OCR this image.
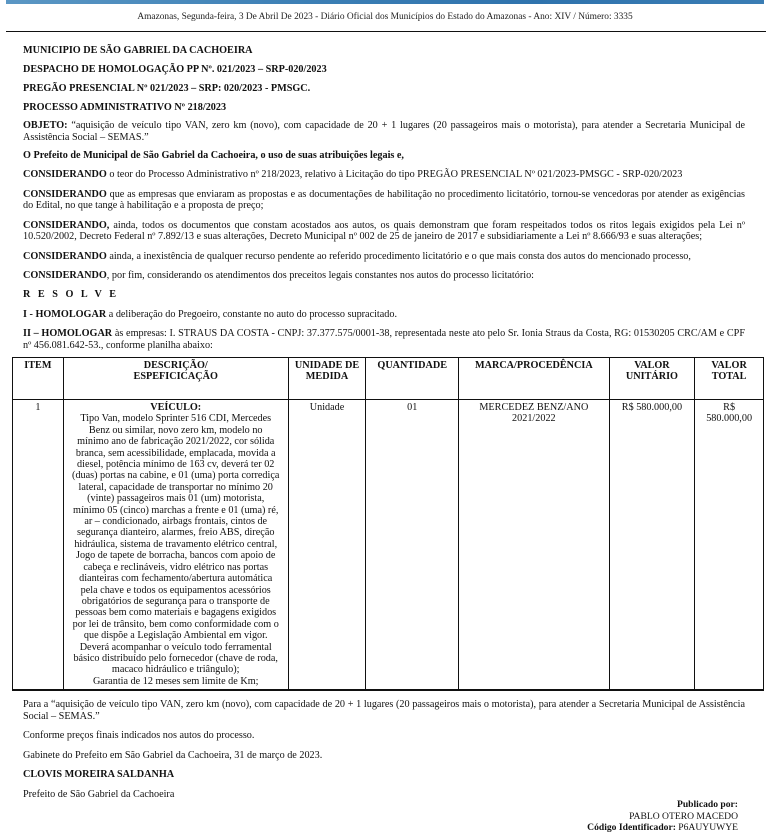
Amazonas, Segunda-feira, 3 De Abril De 2023 - Diário Oficial dos Municípios do Estado do Amazonas - Ano: XIV / Número: 3335

MUNICIPIO DE SÃO GABRIEL DA CACHOEIRA

DESPACHO DE HOMOLOGAÇÃO PP Nº. 021/2023 – SRP-020/2023

PREGÃO PRESENCIAL Nº 021/2023 – SRP: 020/2023 - PMSGC.

PROCESSO ADMINISTRATIVO Nº 218/2023

OBJETO: “aquisição de veículo tipo VAN, zero km (novo), com capacidade de 20 + 1 lugares (20 passageiros mais o motorista), para atender a Secretaria Municipal de Assistência Social – SEMAS.”

O Prefeito de Municipal de São Gabriel da Cachoeira, o uso de suas atribuições legais e,

CONSIDERANDO o teor do Processo Administrativo nº 218/2023, relativo à Licitação do tipo PREGÃO PRESENCIAL Nº 021/2023-PMSGC - SRP-020/2023

CONSIDERANDO que as empresas que enviaram as propostas e as documentações de habilitação no procedimento licitatório, tornou-se vencedoras por atender as exigências do Edital, no que tange à habilitação e a proposta de preço;

CONSIDERANDO, ainda, todos os documentos que constam acostados aos autos, os quais demonstram que foram respeitados todos os ritos legais exigidos pela Lei nº 10.520/2002, Decreto Federal nº 7.892/13 e suas alterações, Decreto Municipal nº 002 de 25 de janeiro de 2017 e subsidiariamente a Lei nº 8.666/93 e suas alterações;

CONSIDERANDO ainda, a inexistência de qualquer recurso pendente ao referido procedimento licitatório e o que mais consta dos autos do mencionado processo,

CONSIDERANDO, por fim, considerando os atendimentos dos preceitos legais constantes nos autos do processo licitatório:

R E S O L V E

I - HOMOLOGAR a deliberação do Pregoeiro, constante no auto do processo supracitado.

II – HOMOLOGAR às empresas: I. STRAUS DA COSTA - CNPJ: 37.377.575/0001-38, representada neste ato pelo Sr. Ionia Straus da Costa, RG: 01530205 CRC/AM e CPF nº 456.081.642-53., conforme planilha abaixo:

ITEM	DESCRIÇÃO/
ESPEFICICAÇÃO	UNIDADE DE MEDIDA	QUANTIDADE	MARCA/PROCEDÊNCIA	VALOR UNITÁRIO	VALOR TOTAL
1	VEÍCULO:
Tipo Van, modelo Sprinter 516 CDI, Mercedes
Benz ou similar, novo zero km, modelo no
mínimo ano de fabricação 2021/2022, cor sólida
branca, sem acessibilidade, emplacada, movida a
diesel, potência mínimo de 163 cv, deverá ter 02
(duas) portas na cabine, e 01 (uma) porta corrediça
lateral, capacidade de transportar no mínimo 20
(vinte) passageiros mais 01 (um) motorista,
mínimo 05 (cinco) marchas a frente e 01 (uma) ré,
ar – condicionado, airbags frontais, cintos de
segurança dianteiro, alarmes, freio ABS, direção
hidráulica, sistema de travamento elétrico central,
Jogo de tapete de borracha, bancos com apoio de
cabeça e reclináveis, vidro elétrico nas portas
dianteiras com fechamento/abertura automática
pela chave e todos os equipamentos acessórios
obrigatórios de segurança para o transporte de
pessoas bem como materiais e bagagens exigidos
por lei de trânsito, bem como conformidade com o
que dispõe a Legislação Ambiental em vigor.
Deverá acompanhar o veículo todo ferramental
básico distribuído pelo fornecedor (chave de roda,
macaco hidráulico e triângulo);
Garantia de 12 meses sem limite de Km;
	Unidade	01	MERCEDEZ BENZ/ANO 2021/2022	R$ 580.000,00	R$
580.000,00

Para a “aquisição de veículo tipo VAN, zero km (novo), com capacidade de 20 + 1 lugares (20 passageiros mais o motorista), para atender a Secretaria Municipal de Assistência Social – SEMAS.”

Conforme preços finais indicados nos autos do processo.

Gabinete do Prefeito em São Gabriel da Cachoeira, 31 de março de 2023.

CLOVIS MOREIRA SALDANHA

Prefeito de São Gabriel da Cachoeira

Publicado por:
PABLO OTERO MACEDO
Código Identificador: P6AUYUWYE
